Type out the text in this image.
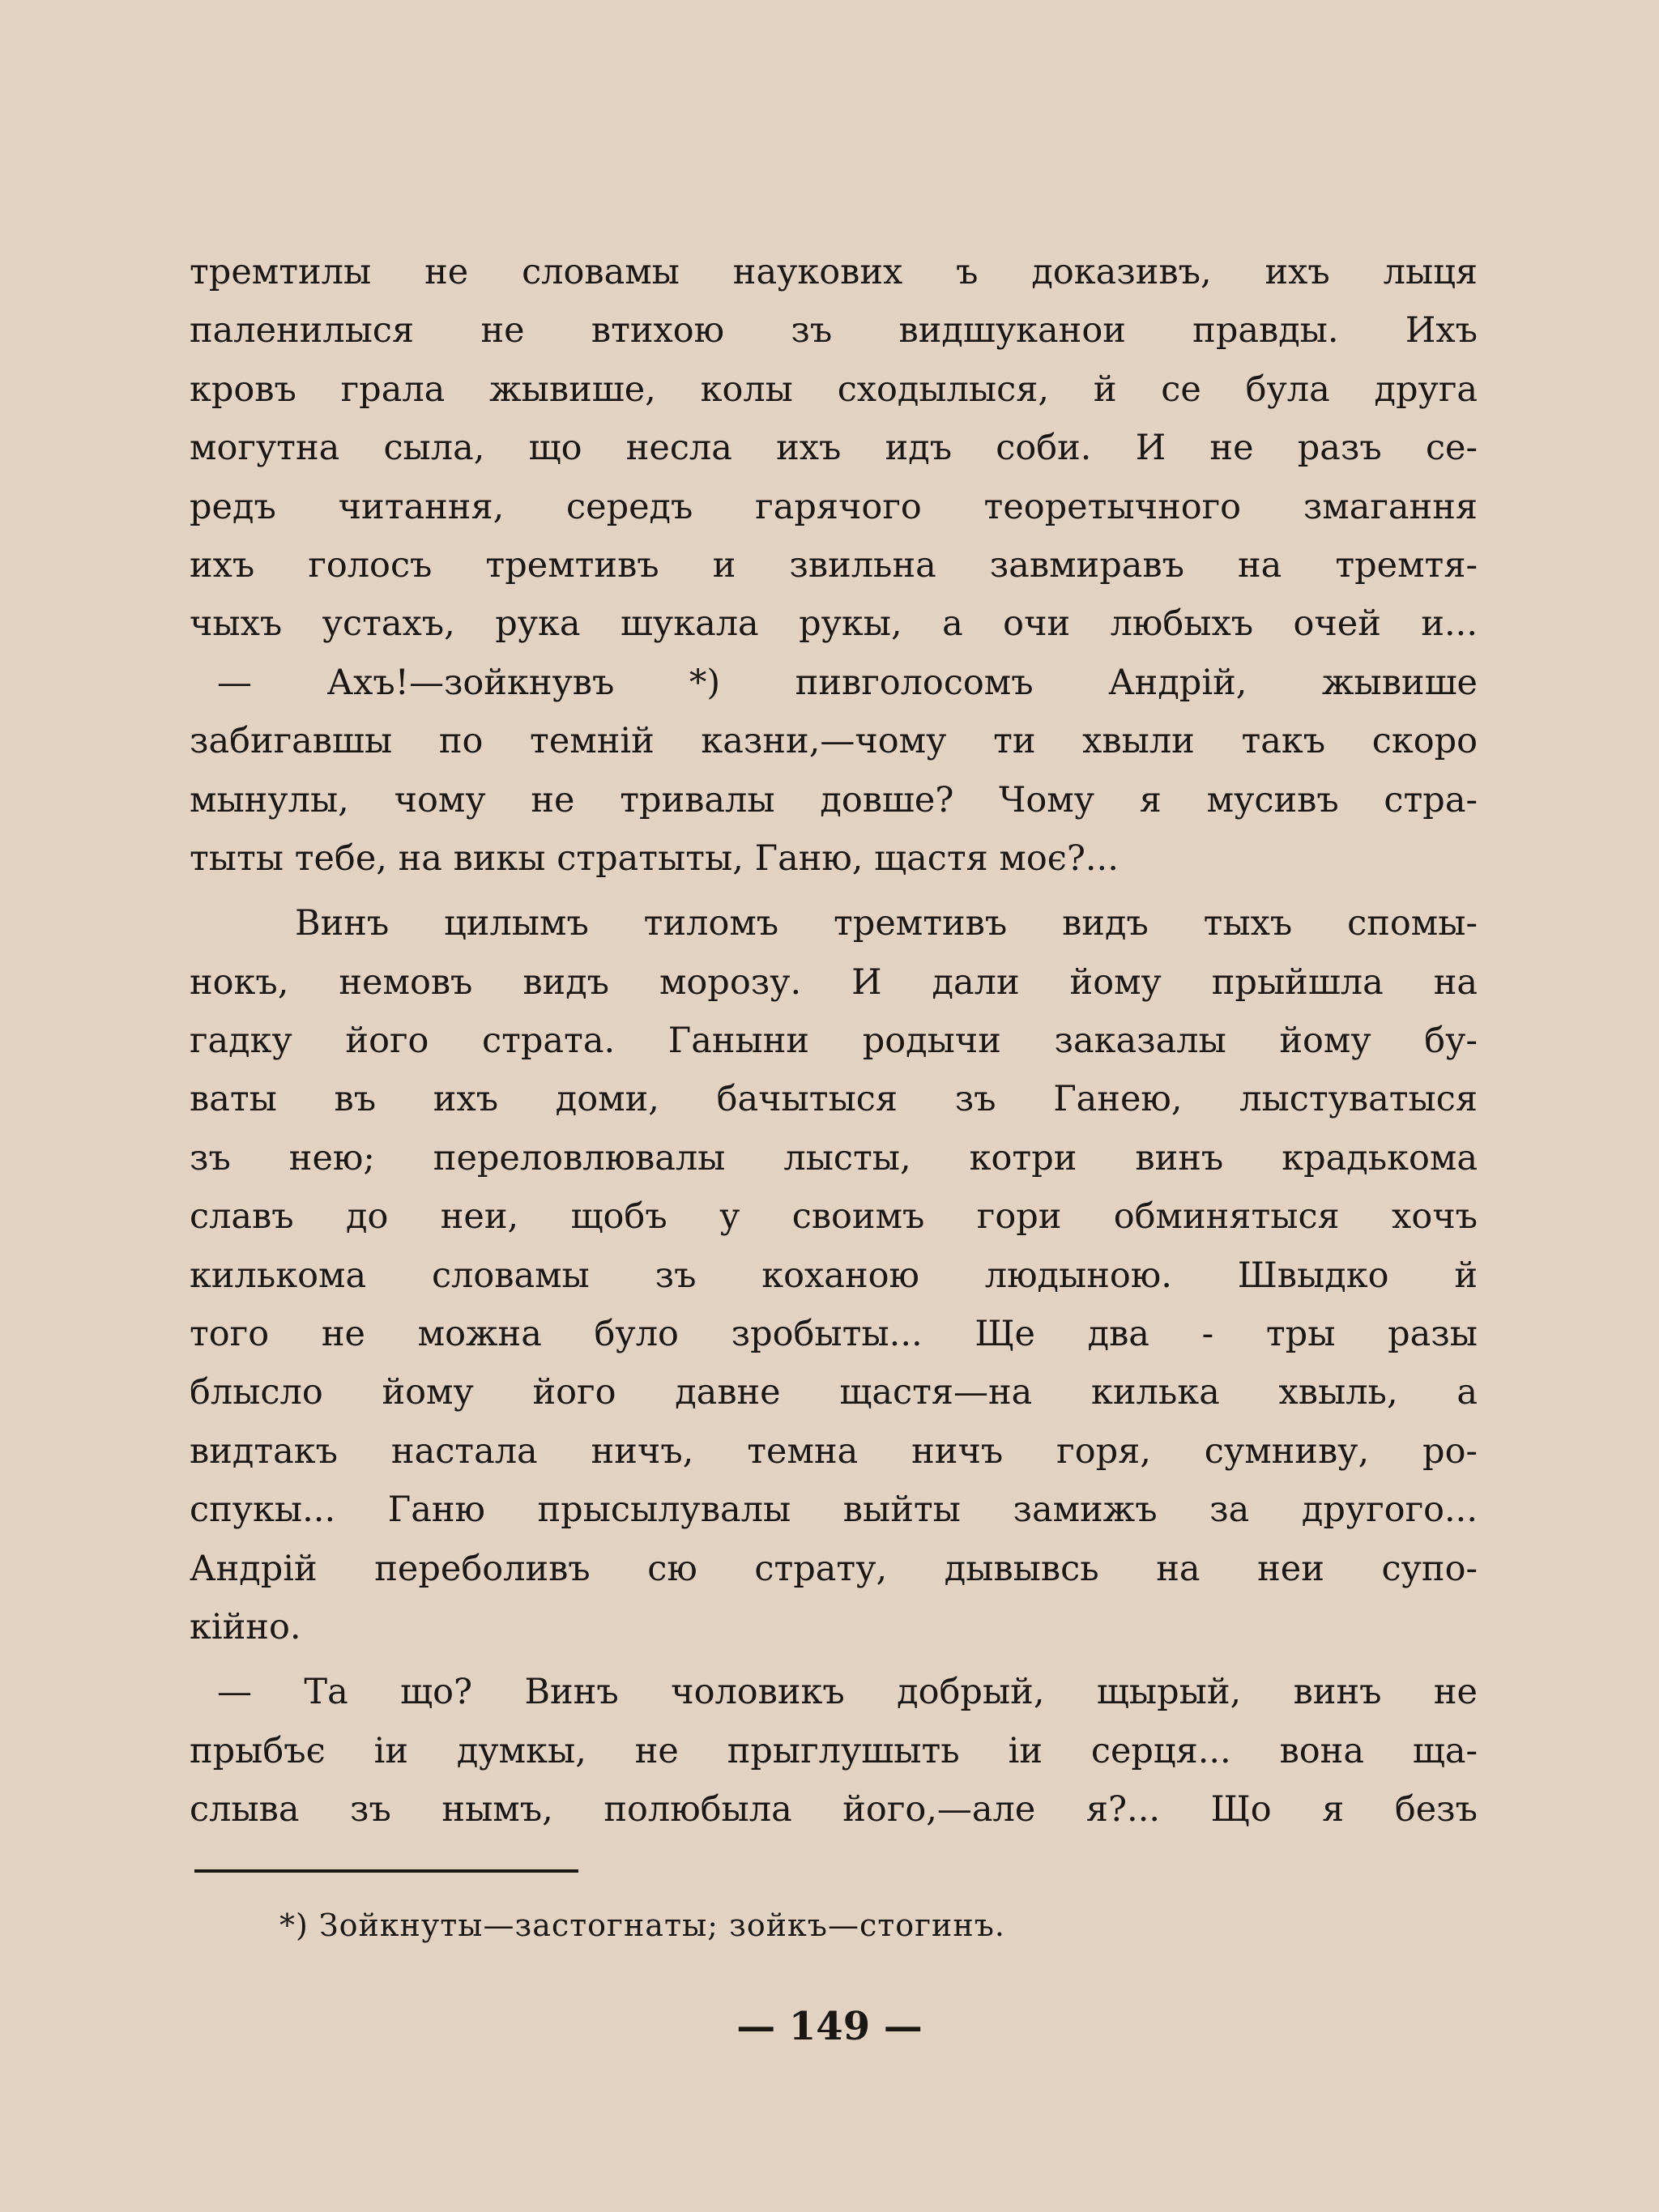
тремтилы не словамы наукових ъ доказивъ, ихъ лыця
паленилыся не втихою зъ видшуканои правды. Ихъ
кровъ грала жывише, колы сходылыся, й се була друга
могутна сыла, що несла ихъ идъ соби. И не разъ се-
редъ читання, середъ гарячого теоретычного змагання
ихъ голосъ тремтивъ и звильна завмиравъ на тремтя-
чыхъ устахъ, рука шукала рукы, а очи любыхъ очей и...
— Ахъ!—зойкнувъ *) пивголосомъ Андрій, жывише
забигавшы по темній казни,—чому ти хвыли такъ скоро
мынулы, чому не тривалы довше? Чому я мусивъ стра-
тыты тебе, на викы стратыты, Ганю, щастя моє?...
Винъ цилымъ тиломъ тремтивъ видъ тыхъ спомы-
нокъ, немовъ видъ морозу. И дали йому прыйшла на
гадку його страта. Ганыни родычи заказалы йому бу-
ваты въ ихъ доми, бачытыся зъ Ганею, лыстуватыся
зъ нею; переловлювалы лысты, котри винъ крадькома
славъ до неи, щобъ у своимъ гори обминятыся хочъ
килькома словамы зъ коханою людыною. Швыдко й
того не можна було зробыты... Ще два - тры разы
блысло йому його давне щастя—на килька хвыль, а
видтакъ настала ничъ, темна ничъ горя, сумниву, ро-
спукы... Ганю прысылувалы выйты замижъ за другого...
Андрій переболивъ сю страту, дывывсь на неи супо-
кійно.
— Та що? Винъ чоловикъ добрый, щырый, винъ не
прыбъє іи думкы, не прыглушыть іи серця... вона ща-
слыва зъ нымъ, полюбыла його,—але я?... Що я безъ
*) Зойкнуты—застогнаты; зойкъ—стогинъ.
— 149 —
